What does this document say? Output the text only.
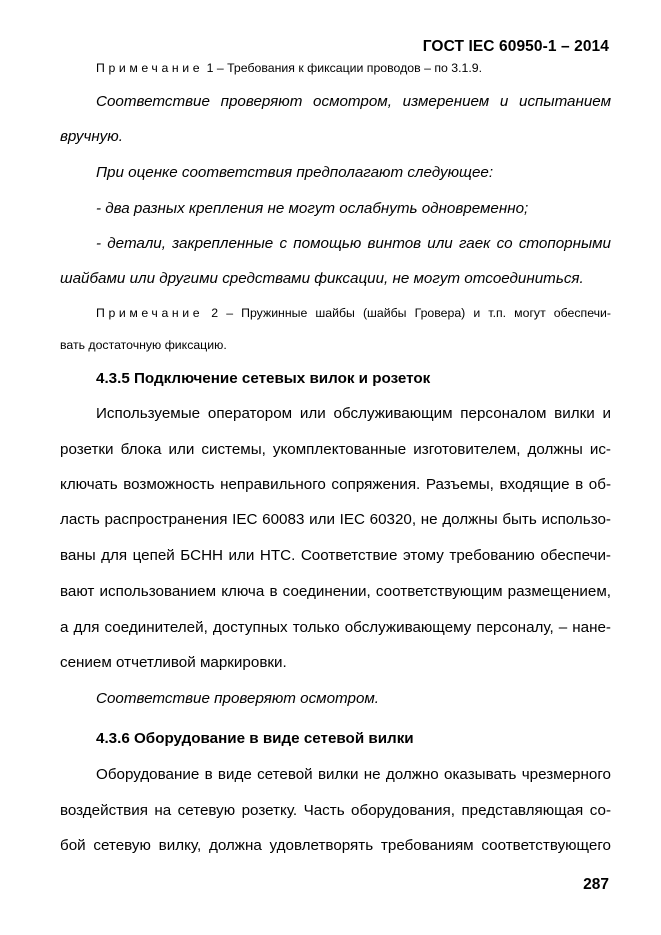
ГОСТ IEC 60950-1 – 2014
Примечание 1 – Требования к фиксации проводов – по 3.1.9.
Соответствие проверяют осмотром, измерением и испытанием
вручную.
При оценке соответствия предполагают следующее:
- два разных крепления не могут ослабнуть одновременно;
- детали, закрепленные с помощью винтов или гаек со стопорными
шайбами или другими средствами фиксации, не могут отсоединиться.
Примечание 2 – Пружинные шайбы (шайбы Гровера) и т.п. могут обеспечи-
вать достаточную фиксацию.
4.3.5 Подключение сетевых вилок и розеток
Используемые оператором или обслуживающим персоналом вилки и
розетки блока или системы, укомплектованные изготовителем, должны ис-
ключать возможность неправильного сопряжения. Разъемы, входящие в об-
ласть распространения IEC 60083 или IEC 60320, не должны быть использо-
ваны для цепей БСНН или НТС. Соответствие этому требованию обеспечи-
вают использованием ключа в соединении, соответствующим размещением,
а для соединителей, доступных только обслуживающему персоналу, – нане-
сением отчетливой маркировки.
Соответствие проверяют осмотром.
4.3.6 Оборудование в виде сетевой вилки
Оборудование в виде сетевой вилки не должно оказывать чрезмерного
воздействия на сетевую розетку. Часть оборудования, представляющая со-
бой сетевую вилку, должна удовлетворять требованиям соответствующего
287
